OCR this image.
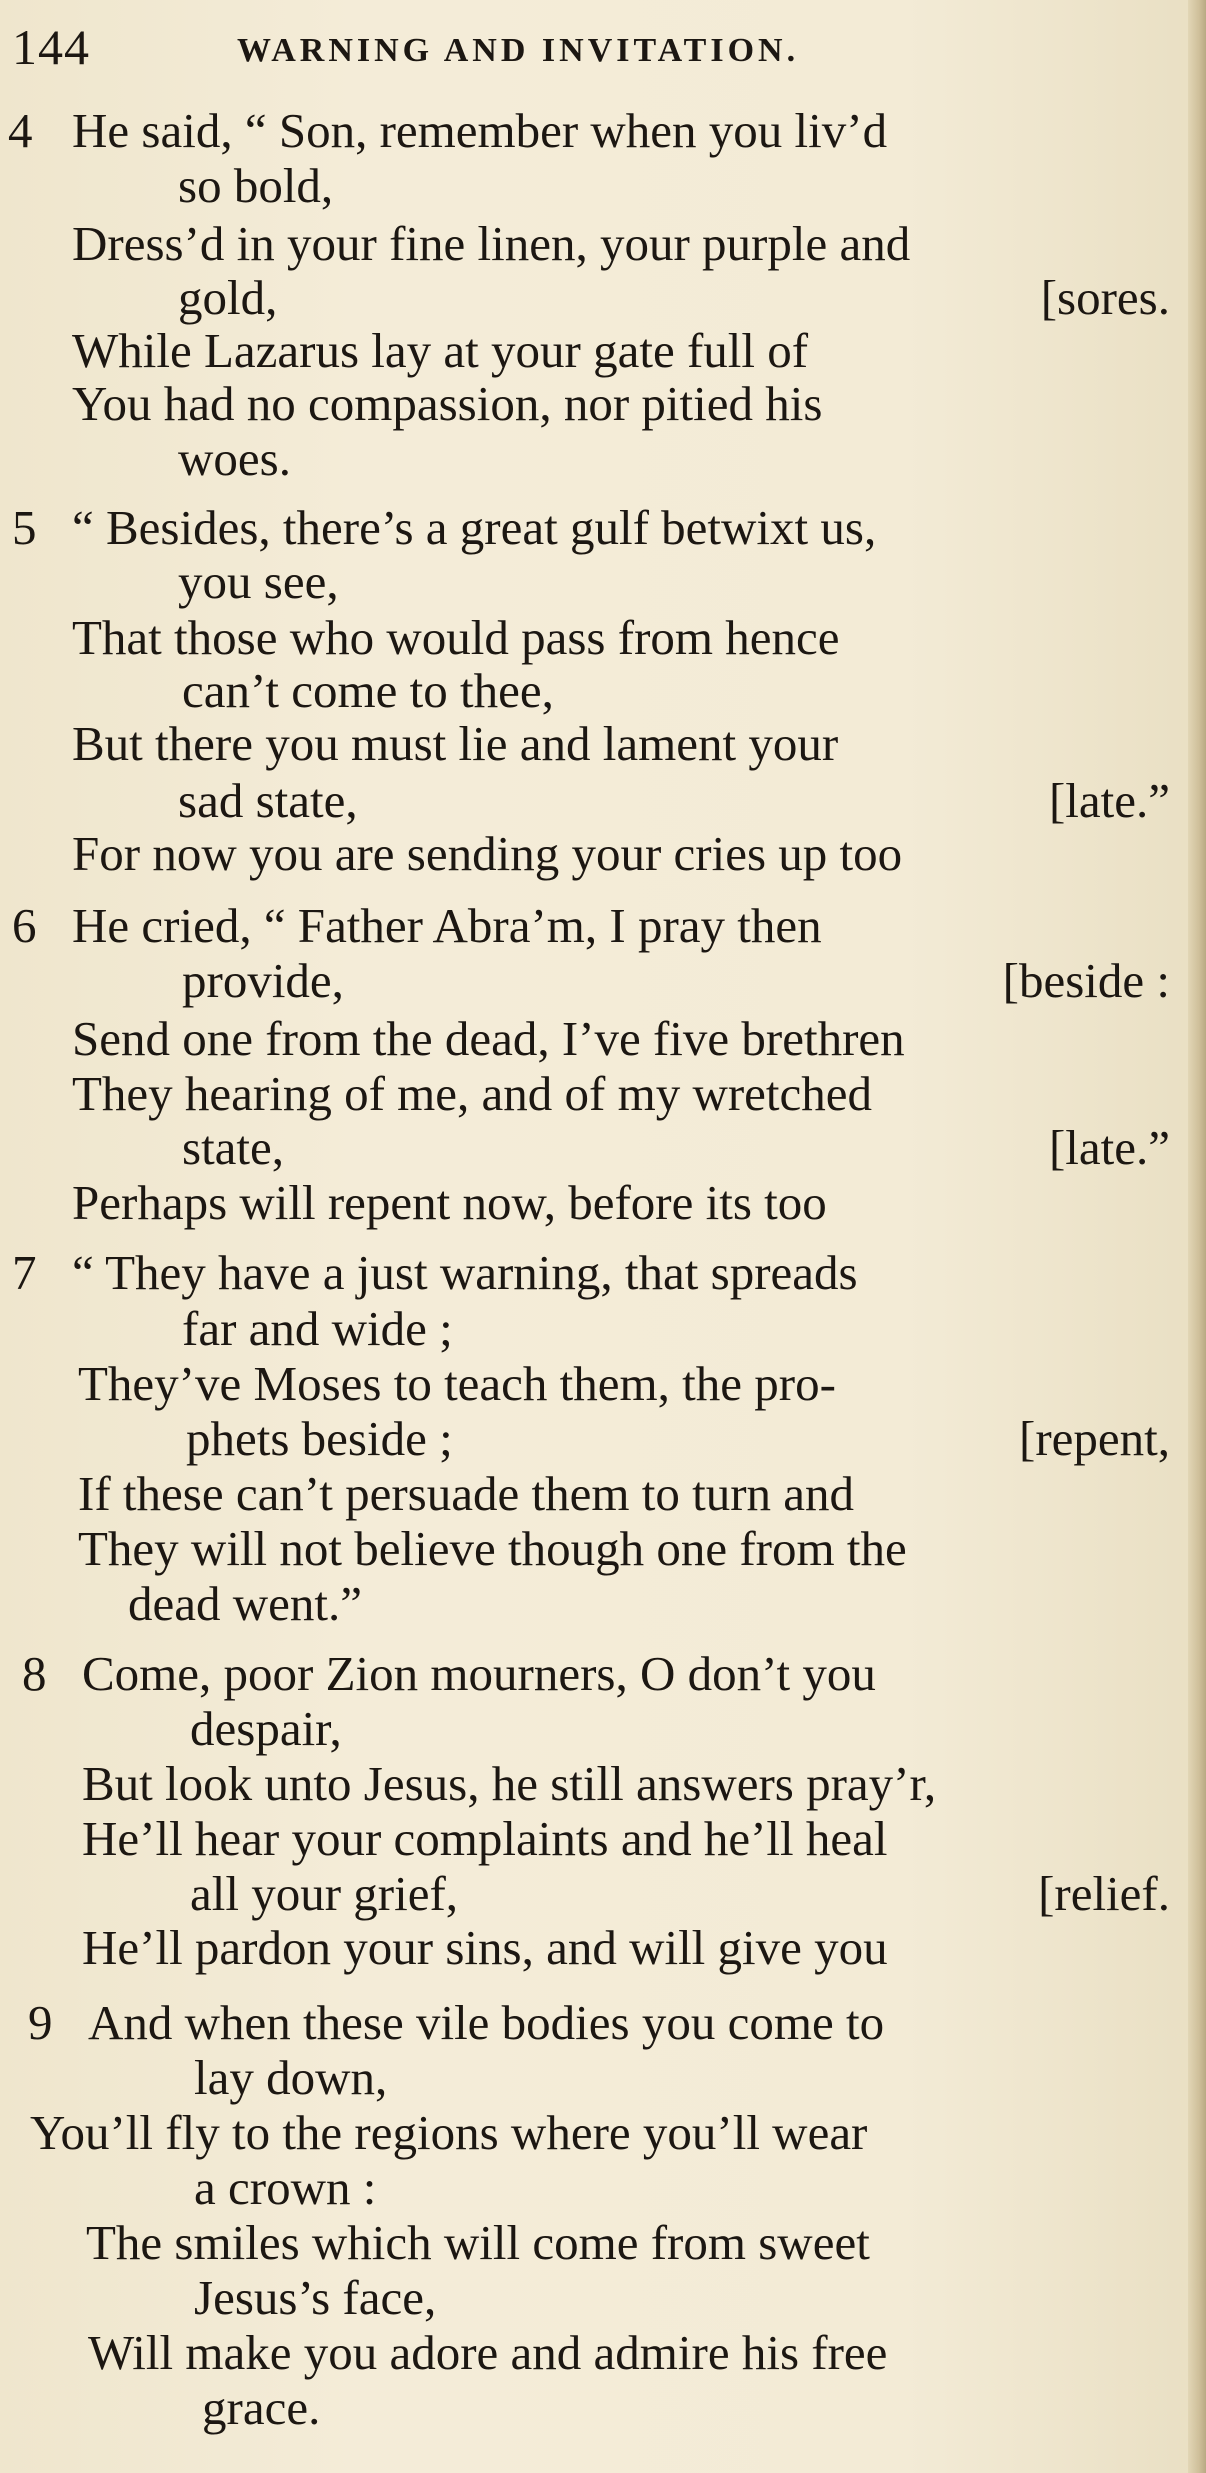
144	WARNING AND INVITATION.
4 He said, “ Son, remember when you liv’d
so bold,
Dress’d in your fine linen, your purple and
gold,	[sores.
While Lazarus lay at your gate full of
You had no compassion, nor pitied his
woes.
5 “ Besides, there’s a great gulf betwixt us,
you see,
That those who would pass from hence
can’t come to thee,
But there you must lie and lament your
sad state,	[late.”
For now you are sending your cries up too
6 He cried, “ Father Abra’m, I pray then
provide,	[beside :
Send one from the dead, I’ve five brethren
They hearing of me, and of my wretched
state,	[late.”
Perhaps will repent now, before its too
7 “ They have a just warning, that spreads
far and wide ;
They’ve Moses to teach them, the pro-
phets beside ;	[repent,
If these can’t persuade them to turn and
They will not believe though one from the
dead went.”
8 Come, poor Zion mourners, O don’t you
despair,
But look unto Jesus, he still answers pray’r,
He’ll hear your complaints and he’ll heal
all your grief,	[relief.
He’ll pardon your sins, and will give you
9 And when these vile bodies you come to
lay down,
You’ll fly to the regions where you’ll wear
a crown :
The smiles which will come from sweet
Jesus’s face,
Will make you adore and admire his free
grace.
